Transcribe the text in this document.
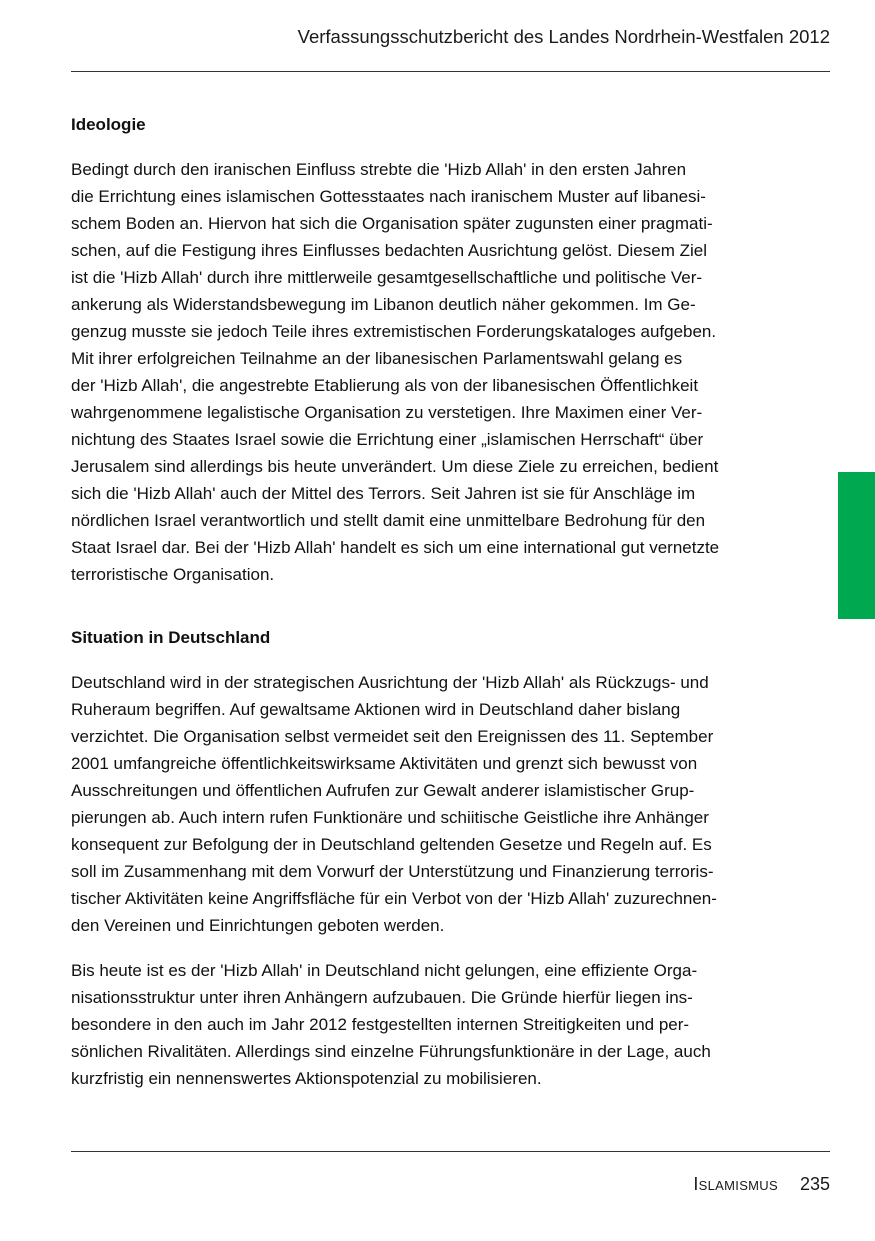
Verfassungsschutzbericht des Landes Nordrhein-Westfalen 2012
Ideologie
Bedingt durch den iranischen Einfluss strebte die 'Hizb Allah' in den ersten Jahren
die Errichtung eines islamischen Gottesstaates nach iranischem Muster auf libanesi-
schem Boden an. Hiervon hat sich die Organisation später zugunsten einer pragmati-
schen, auf die Festigung ihres Einflusses bedachten Ausrichtung gelöst. Diesem Ziel
ist die 'Hizb Allah' durch ihre mittlerweile gesamtgesellschaftliche und politische Ver-
ankerung als Widerstandsbewegung im Libanon deutlich näher gekommen. Im Ge-
genzug musste sie jedoch Teile ihres extremistischen Forderungskataloges aufgeben.
Mit ihrer erfolgreichen Teilnahme an der libanesischen Parlamentswahl gelang es
der 'Hizb Allah', die angestrebte Etablierung als von der libanesischen Öffentlichkeit
wahrgenommene legalistische Organisation zu verstetigen. Ihre Maximen einer Ver-
nichtung des Staates Israel sowie die Errichtung einer „islamischen Herrschaft“ über
Jerusalem sind allerdings bis heute unverändert. Um diese Ziele zu erreichen, bedient
sich die 'Hizb Allah' auch der Mittel des Terrors. Seit Jahren ist sie für Anschläge im
nördlichen Israel verantwortlich und stellt damit eine unmittelbare Bedrohung für den
Staat Israel dar. Bei der 'Hizb Allah' handelt es sich um eine international gut vernetzte
terroristische Organisation.
Situation in Deutschland
Deutschland wird in der strategischen Ausrichtung der 'Hizb Allah' als Rückzugs- und
Ruheraum begriffen. Auf gewaltsame Aktionen wird in Deutschland daher bislang
verzichtet. Die Organisation selbst vermeidet seit den Ereignissen des 11. September
2001 umfangreiche öffentlichkeitswirksame Aktivitäten und grenzt sich bewusst von
Ausschreitungen und öffentlichen Aufrufen zur Gewalt anderer islamistischer Grup-
pierungen ab. Auch intern rufen Funktionäre und schiitische Geistliche ihre Anhänger
konsequent zur Befolgung der in Deutschland geltenden Gesetze und Regeln auf. Es
soll im Zusammenhang mit dem Vorwurf der Unterstützung und Finanzierung terroris-
tischer Aktivitäten keine Angriffsfläche für ein Verbot von der 'Hizb Allah' zuzurechnen-
den Vereinen und Einrichtungen geboten werden.
Bis heute ist es der 'Hizb Allah' in Deutschland nicht gelungen, eine effiziente Orga-
nisationsstruktur unter ihren Anhängern aufzubauen. Die Gründe hierfür liegen ins-
besondere in den auch im Jahr 2012 festgestellten internen Streitigkeiten und per-
sönlichen Rivalitäten. Allerdings sind einzelne Führungsfunktionäre in der Lage, auch
kurzfristig ein nennenswertes Aktionspotenzial zu mobilisieren.
Islamismus 235
